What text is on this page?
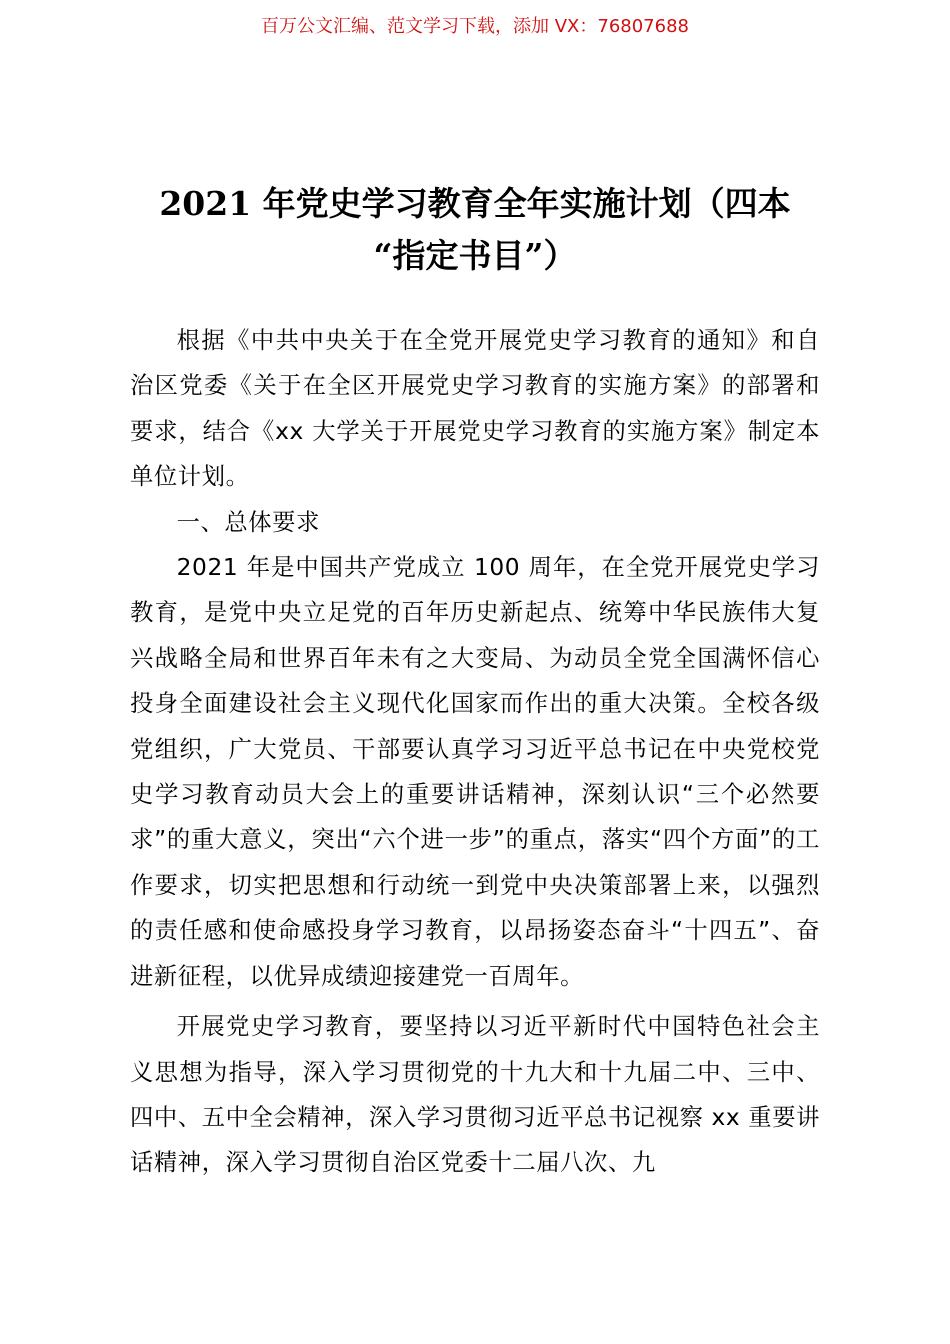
百万公文汇编、范文学习下载，添加 VX：76807688
2021 年党史学习教育全年实施计划（四本
“指定书目”）

根据《中共中央关于在全党开展党史学习教育的通知》和自治区党委《关于在全区开展党史学习教育的实施方案》的部署和要求，结合《xx 大学关于开展党史学习教育的实施方案》制定本单位计划。

一、总体要求

2021 年是中国共产党成立 100 周年，在全党开展党史学习教育，是党中央立足党的百年历史新起点、统筹中华民族伟大复兴战略全局和世界百年未有之大变局、为动员全党全国满怀信心投身全面建设社会主义现代化国家而作出的重大决策。全校各级党组织，广大党员、干部要认真学习习近平总书记在中央党校党史学习教育动员大会上的重要讲话精神，深刻认识“三个必然要求”的重大意义，突出“六个进一步”的重点，落实“四个方面”的工作要求，切实把思想和行动统一到党中央决策部署上来，以强烈的责任感和使命感投身学习教育，以昂扬姿态奋斗“十四五”、奋进新征程，以优异成绩迎接建党一百周年。

开展党史学习教育，要坚持以习近平新时代中国特色社会主义思想为指导，深入学习贯彻党的十九大和十九届二中、三中、四中、五中全会精神，深入学习贯彻习近平总书记视察 xx 重要讲话精神，深入学习贯彻自治区党委十二届八次、九
